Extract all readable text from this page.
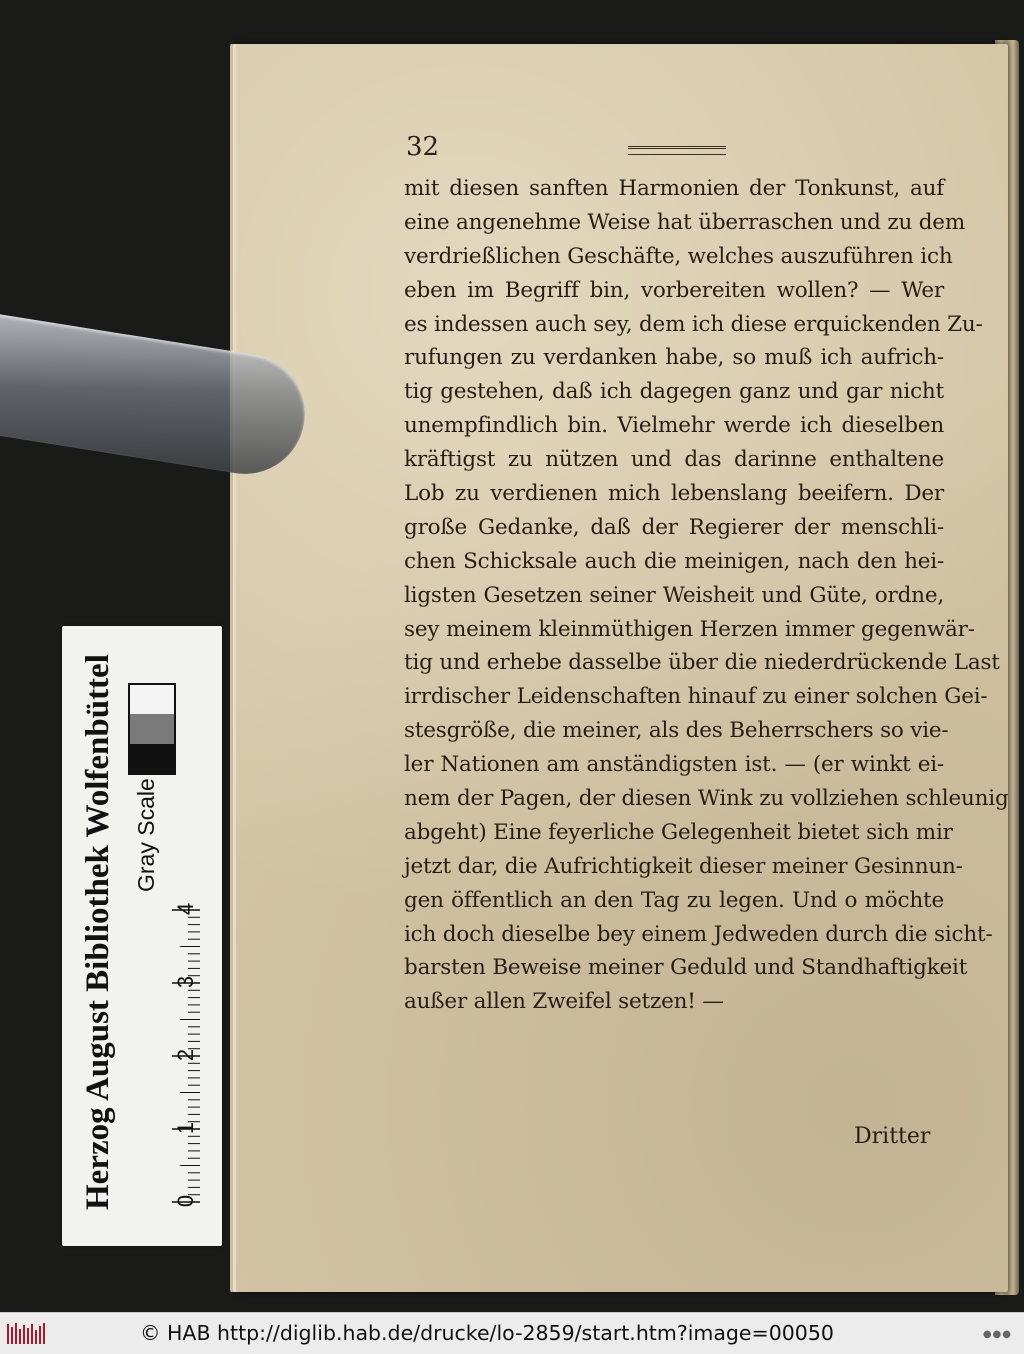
32
mit diesen sanften Harmonien der Tonkunst, auf
eine angenehme Weise hat überraschen und zu dem
verdrießlichen Geschäfte, welches auszuführen ich
eben im Begriff bin, vorbereiten wollen? — Wer
es indessen auch sey, dem ich diese erquickenden Zu-
rufungen zu verdanken habe, so muß ich aufrich-
tig gestehen, daß ich dagegen ganz und gar nicht
unempfindlich bin. Vielmehr werde ich dieselben
kräftigst zu nützen und das darinne enthaltene
Lob zu verdienen mich lebenslang beeifern. Der
große Gedanke, daß der Regierer der menschli-
chen Schicksale auch die meinigen, nach den hei-
ligsten Gesetzen seiner Weisheit und Güte, ordne,
sey meinem kleinmüthigen Herzen immer gegenwär-
tig und erhebe dasselbe über die niederdrückende Last
irrdischer Leidenschaften hinauf zu einer solchen Gei-
stesgröße, die meiner, als des Beherrschers so vie-
ler Nationen am anständigsten ist. — (er winkt ei-
nem der Pagen, der diesen Wink zu vollziehen schleunig
abgeht) Eine feyerliche Gelegenheit bietet sich mir
jetzt dar, die Aufrichtigkeit dieser meiner Gesinnun-
gen öffentlich an den Tag zu legen. Und o möchte
ich doch dieselbe bey einem Jedweden durch die sicht-
barsten Beweise meiner Geduld und Standhaftigkeit
außer allen Zweifel setzen! —
Dritter
Herzog August Bibliothek Wolfenbüttel Gray Scale
0
1
2
3
4
© HAB http://diglib.hab.de/drucke/lo-2859/start.htm?image=00050	●●●
